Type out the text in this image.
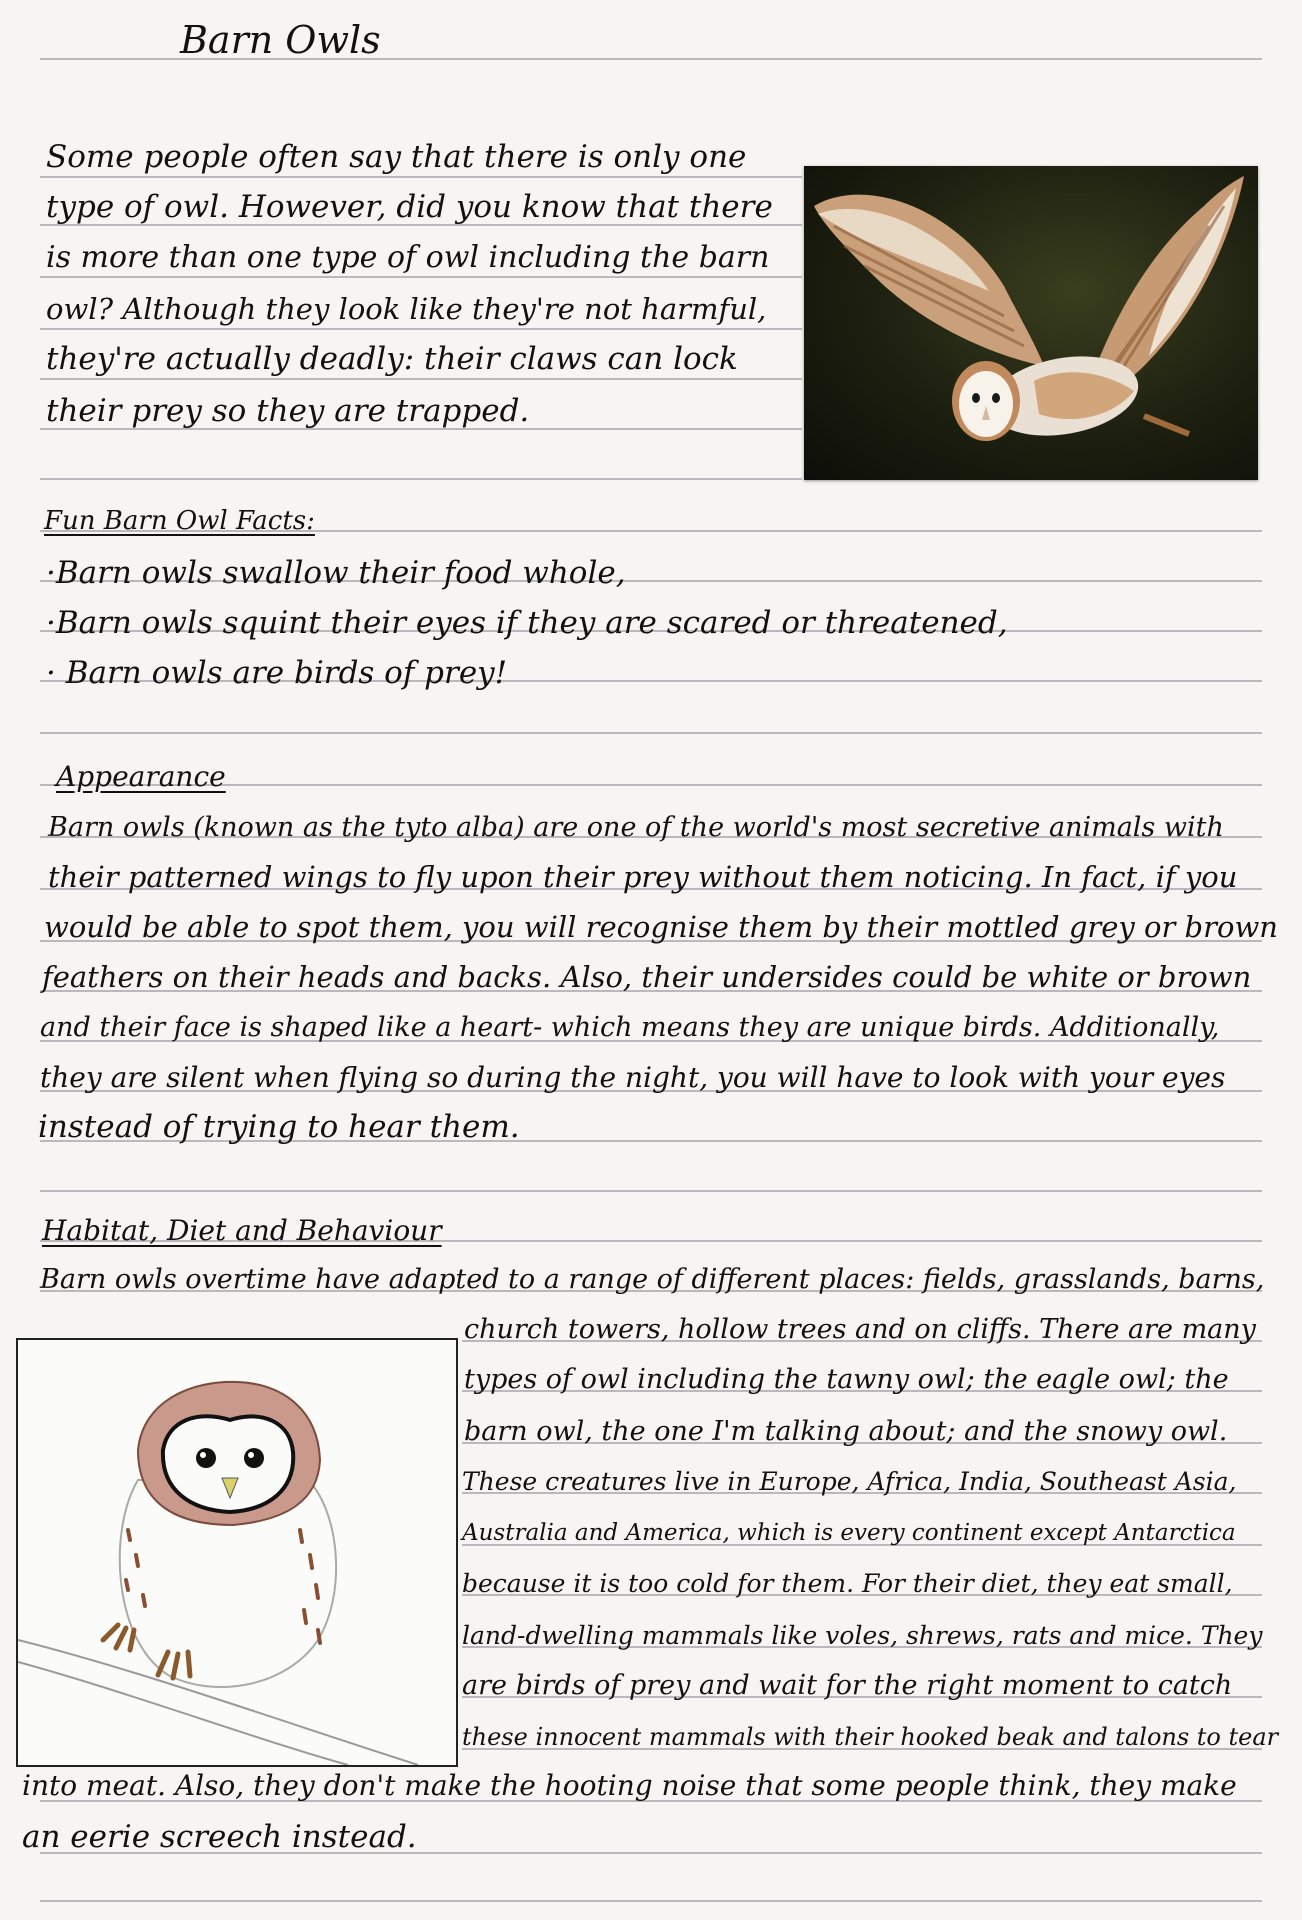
Barn Owls
Some people often say that there is only one
type of owl. However, did you know that there
is more than one type of owl including the barn
owl? Although they look like they're not harmful,
they're actually deadly: their claws can lock
their prey so they are trapped.
Fun Barn Owl Facts:
·Barn owls swallow their food whole,
·Barn owls squint their eyes if they are scared or threatened,
· Barn owls are birds of prey!
Appearance
Barn owls (known as the tyto alba) are one of the world's most secretive animals with
their patterned wings to fly upon their prey without them noticing. In fact, if you
would be able to spot them, you will recognise them by their mottled grey or brown
feathers on their heads and backs. Also, their undersides could be white or brown
and their face is shaped like a heart- which means they are unique birds. Additionally,
they are silent when flying so during the night, you will have to look with your eyes
instead of trying to hear them.
Habitat, Diet and Behaviour
Barn owls overtime have adapted to a range of different places: fields, grasslands, barns,
church towers, hollow trees and on cliffs. There are many
types of owl including the tawny owl; the eagle owl; the
barn owl, the one I'm talking about; and the snowy owl.
These creatures live in Europe, Africa, India, Southeast Asia,
Australia and America, which is every continent except Antarctica
because it is too cold for them. For their diet, they eat small,
land-dwelling mammals like voles, shrews, rats and mice. They
are birds of prey and wait for the right moment to catch
these innocent mammals with their hooked beak and talons to tear
into meat. Also, they don't make the hooting noise that some people think, they make
an eerie screech instead.
